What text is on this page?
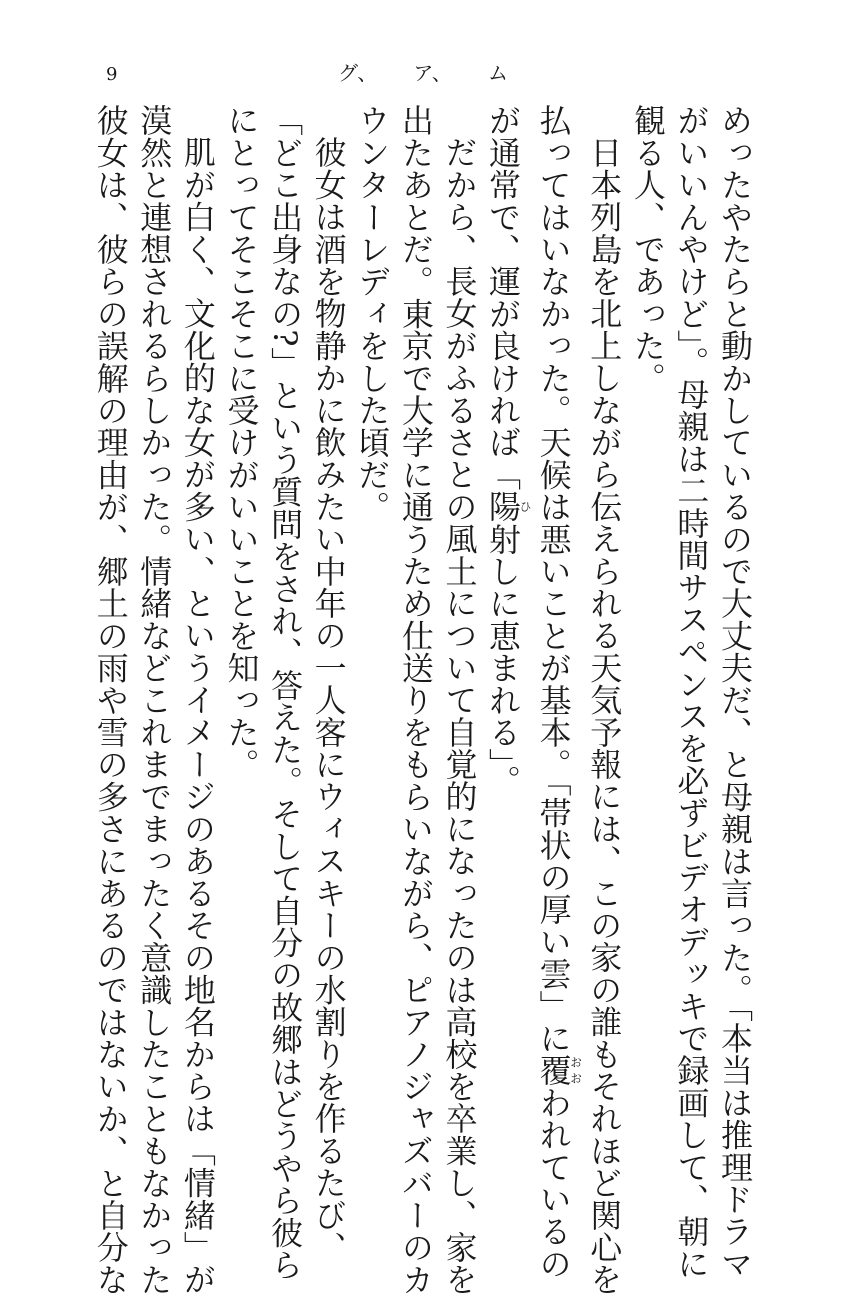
9	グ、 ア、 ム
めったやたらと動かしているので大丈夫だ、と母親は言った。「本当は推理ドラマ
がいいんやけど」。母親は二時間サスペンスを必ずビデオデッキで録画して、朝に
観る人、であった。
日本列島を北上しながら伝えられる天気予報には、この家の誰もそれほど関心を
払ってはいなかった。天候は悪いことが基本。「帯状の厚い雲」に覆おおわれているの
が通常で、運が良ければ「陽ひ射しに恵まれる」。
だから、長女がふるさとの風土について自覚的になったのは高校を卒業し、家を
出たあとだ。東京で大学に通うため仕送りをもらいながら、ピアノジャズバーのカ
ウンターレディをした頃だ。
彼女は酒を物静かに飲みたい中年の一人客にウィスキーの水割りを作るたび、
「どこ出身なの?」という質問をされ、答えた。そして自分の故郷はどうやら彼ら
にとってそこそこに受けがいいことを知った。
肌が白く、文化的な女が多い、というイメージのあるその地名からは「情緒」が
漠然と連想されるらしかった。情緒などこれまでまったく意識したこともなかった
彼女は、彼らの誤解の理由が、郷土の雨や雪の多さにあるのではないか、と自分な
